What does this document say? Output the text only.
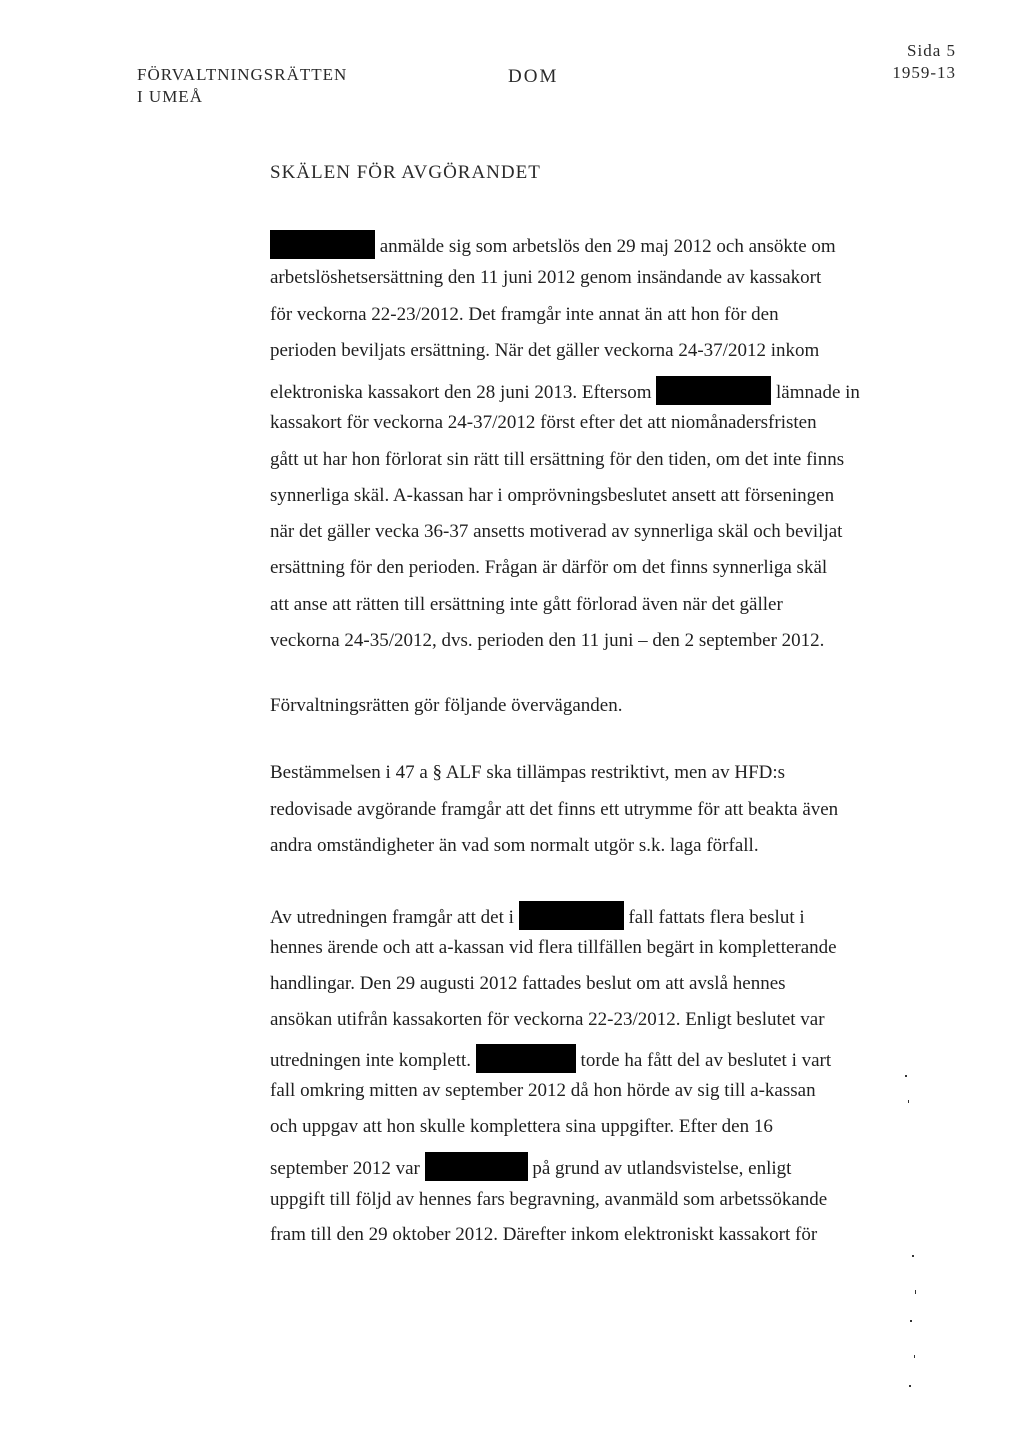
FÖRVALTNINGSRÄTTEN
I UMEÅ
DOM
Sida 5
1959-13
SKÄLEN FÖR AVGÖRANDET
anmälde sig som arbetslös den 29 maj 2012 och ansökte om
arbetslöshetsersättning den 11 juni 2012 genom insändande av kassakort
för veckorna 22-23/2012. Det framgår inte annat än att hon för den
perioden beviljats ersättning. När det gäller veckorna 24-37/2012 inkom
elektroniska kassakort den 28 juni 2013. Eftersom	lämnade in
kassakort för veckorna 24-37/2012 först efter det att niomånadersfristen
gått ut har hon förlorat sin rätt till ersättning för den tiden, om det inte finns
synnerliga skäl. A-kassan har i omprövningsbeslutet ansett att förseningen
när det gäller vecka 36-37 ansetts motiverad av synnerliga skäl och beviljat
ersättning för den perioden. Frågan är därför om det finns synnerliga skäl
att anse att rätten till ersättning inte gått förlorad även när det gäller
veckorna 24-35/2012, dvs. perioden den 11 juni – den 2 september 2012.
Förvaltningsrätten gör följande överväganden.
Bestämmelsen i 47 a § ALF ska tillämpas restriktivt, men av HFD:s
redovisade avgörande framgår att det finns ett utrymme för att beakta även
andra omständigheter än vad som normalt utgör s.k. laga förfall.
Av utredningen framgår att det i	fall fattats flera beslut i
hennes ärende och att a-kassan vid flera tillfällen begärt in kompletterande
handlingar. Den 29 augusti 2012 fattades beslut om att avslå hennes
ansökan utifrån kassakorten för veckorna 22-23/2012. Enligt beslutet var
utredningen inte komplett.	torde ha fått del av beslutet i vart
fall omkring mitten av september 2012 då hon hörde av sig till a-kassan
och uppgav att hon skulle komplettera sina uppgifter. Efter den 16
september 2012 var	på grund av utlandsvistelse, enligt
uppgift till följd av hennes fars begravning, avanmäld som arbetssökande
fram till den 29 oktober 2012. Därefter inkom elektroniskt kassakort för
